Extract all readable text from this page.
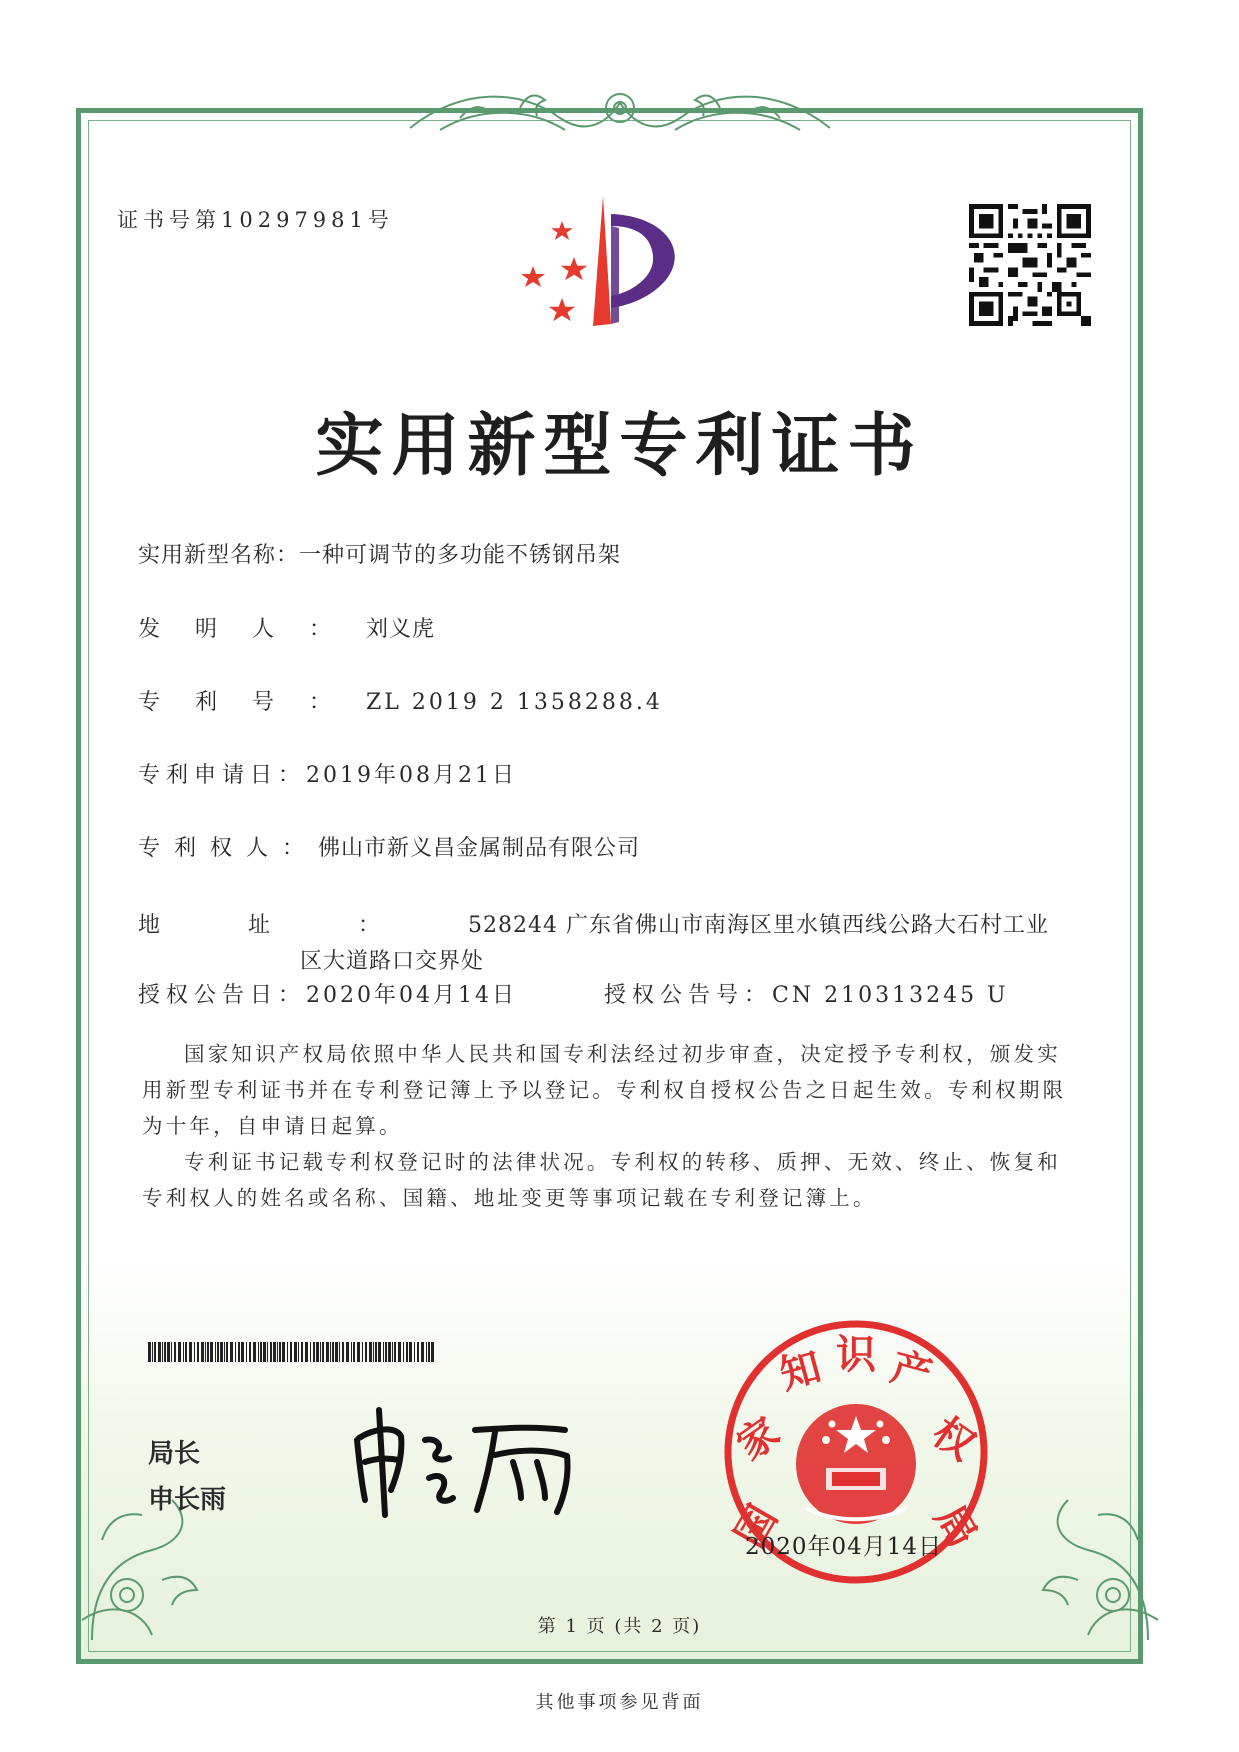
证书号第10297981号
实用新型专利证书
实用新型名称：一种可调节的多功能不锈钢吊架
发明人：刘义虎
专利号：ZL 2019 2 1358288.4
专利申请日：2019年08月21日
专利权人：佛山市新义昌金属制品有限公司
地址：528244 广东省佛山市南海区里水镇西线公路大石村工业
区大道路口交界处
授权公告日：2020年04月14日	授权公告号：CN 210313245 U
国家知识产权局依照中华人民共和国专利法经过初步审查，决定授予专利权，颁发实用新型专利证书并在专利登记簿上予以登记。专利权自授权公告之日起生效。专利权期限为十年，自申请日起算。
专利证书记载专利权登记时的法律状况。专利权的转移、质押、无效、终止、恢复和专利权人的姓名或名称、国籍、地址变更等事项记载在专利登记簿上。
局长
申长雨	国
家
知 识 产
权
局
2020年04月14日
第 1 页 (共 2 页)
其他事项参见背面
